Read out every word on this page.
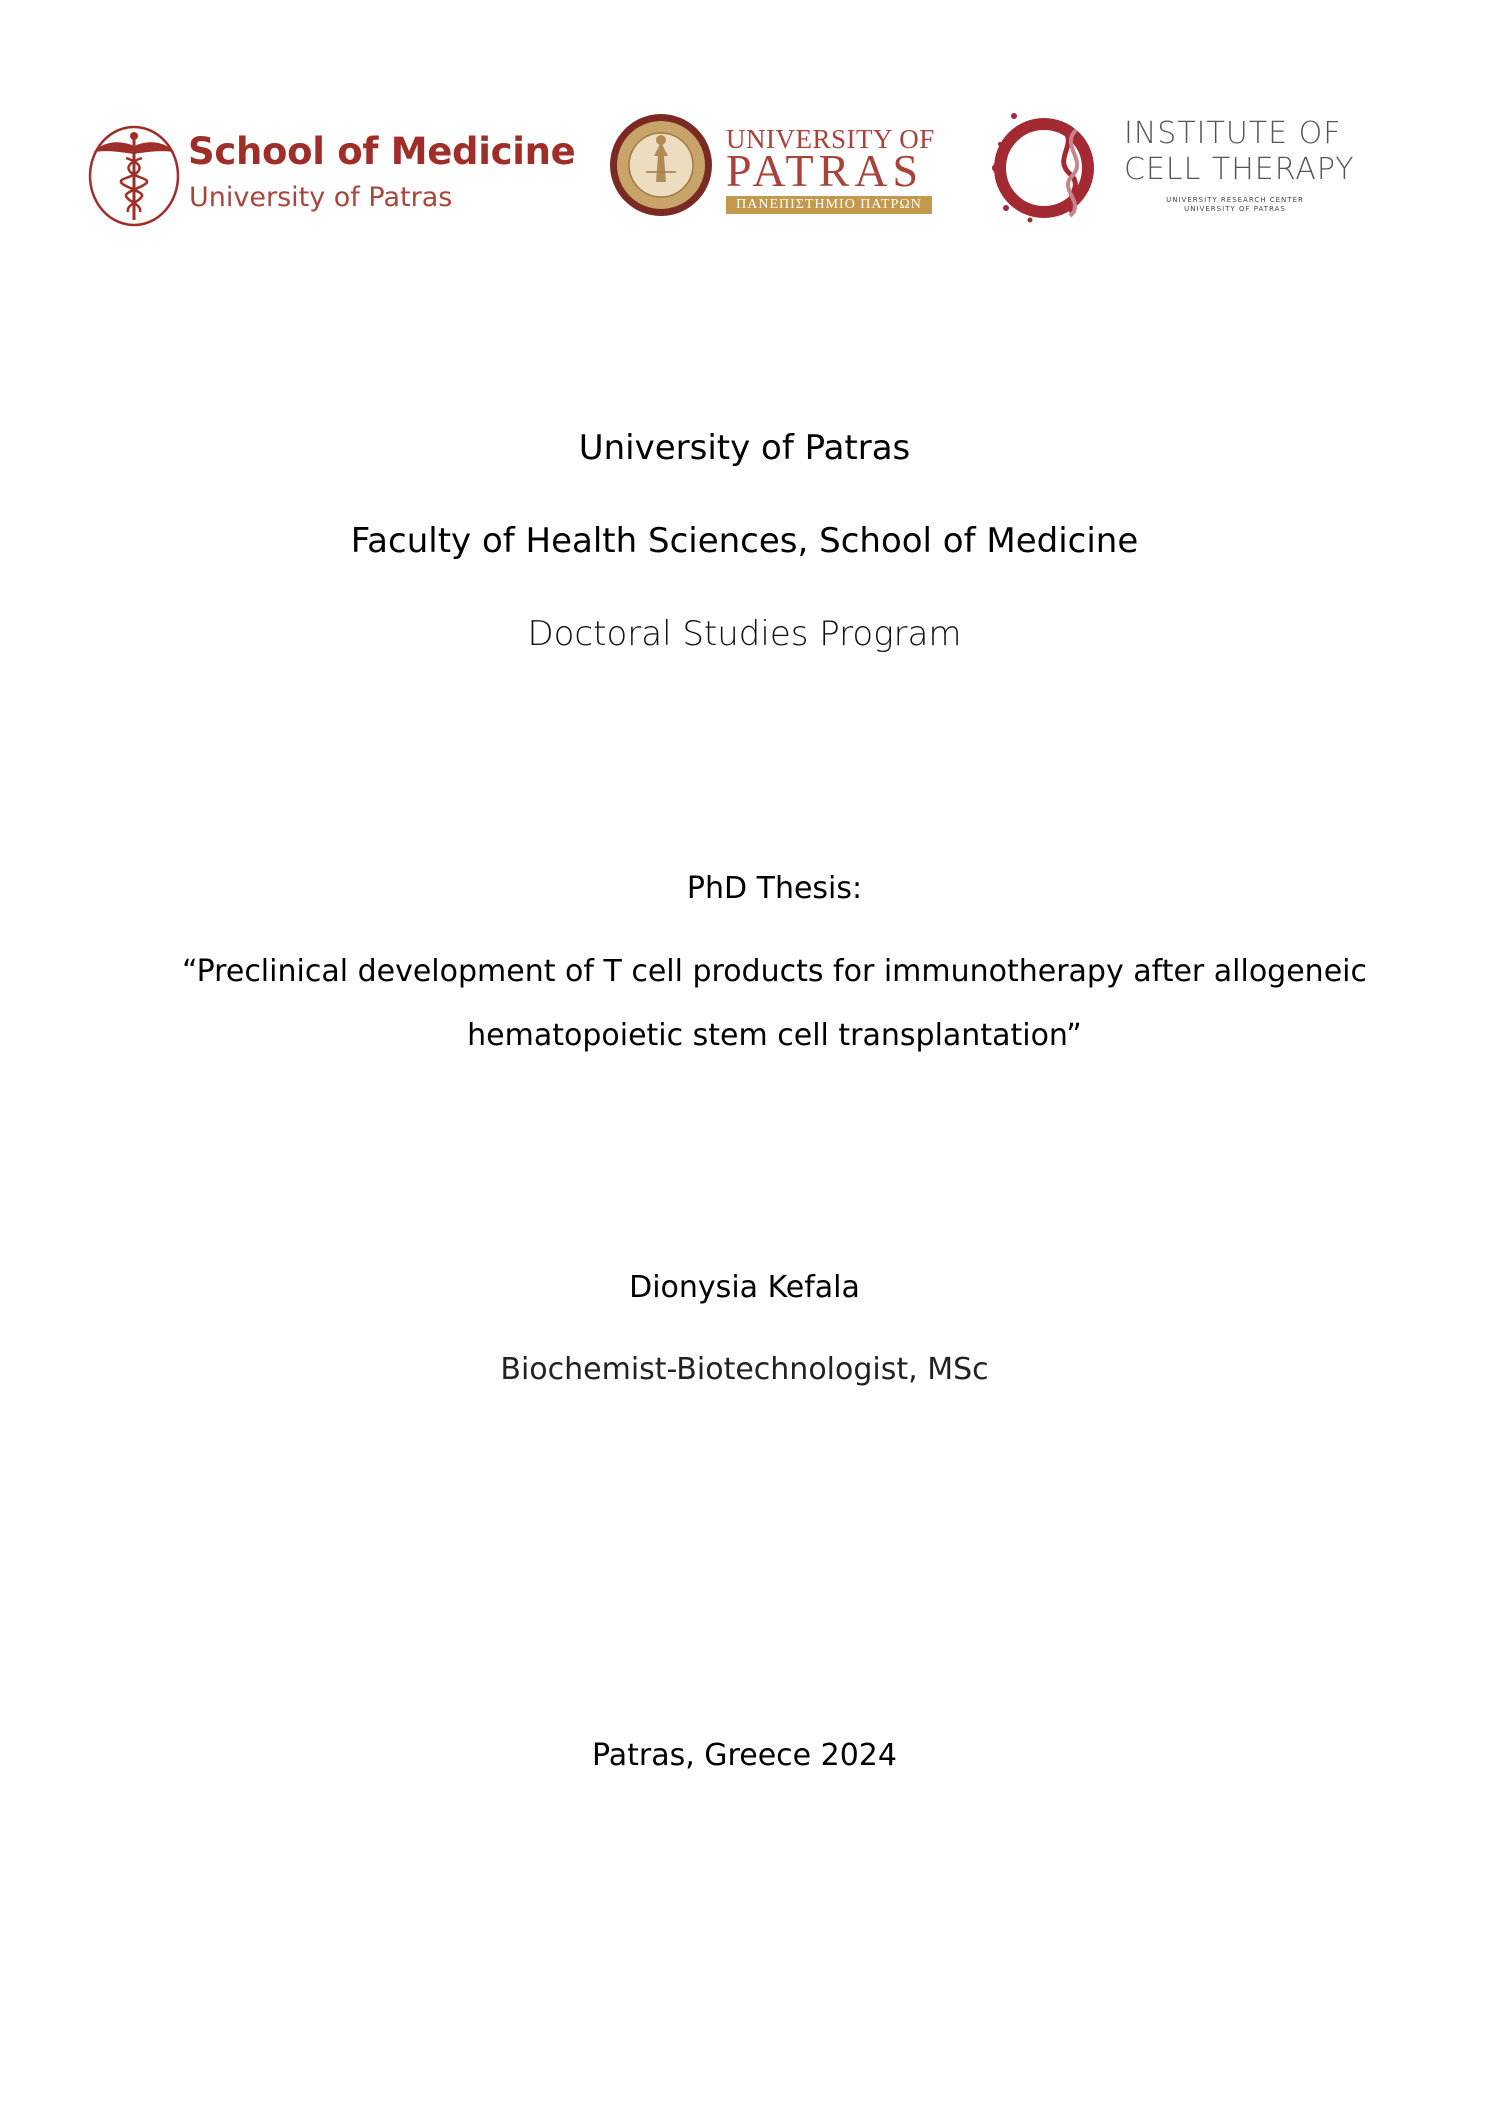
School of Medicine
University of Patras
UNIVERSITY OF
PATRAS
ΠΑΝΕΠΙΣΤΗΜΙΟ ΠΑΤΡΩΝ
INSTITUTE OF
CELL THERAPY
UNIVERSITY RESEARCH CENTER
UNIVERSITY OF PATRAS
University of Patras
Faculty of Health Sciences, School of Medicine
Doctoral Studies Program
PhD Thesis:
“Preclinical development of T cell products for immunotherapy after allogeneic
hematopoietic stem cell transplantation”
Dionysia Kefala
Biochemist-Biotechnologist, MSc
Patras, Greece 2024
